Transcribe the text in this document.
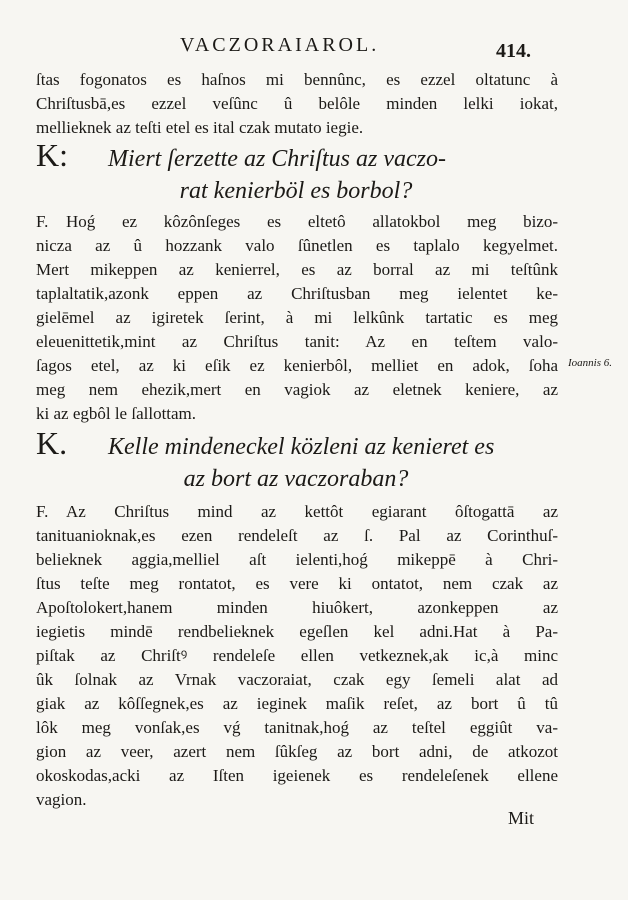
VACZORAIAROL.	414.
ſtas fogonatos es haſnos mi bennûnc, es ezzel oltatunc à
Chriſtusbā,es ezzel veſûnc û belôle minden lelki iokat,
mellieknek az teſti etel es ital czak mutato iegie.
K: Miert ſerzette az Chriſtus az vaczo-
rat kenierböl es borbol?
F. Hoǵ ez kôzônſeges es eltetô allatokbol meg bizo-
nicza az û hozzank valo ſûnetlen es taplalo kegyelmet.
Mert mikeppen az kenierrel, es az borral az mi teſtûnk
taplaltatik,azonk eppen az Chriſtusban meg ielentet ke-
gielēmel az igiretek ſerint, à mi lelkûnk tartatic es meg
eleuenittetik,mint az Chriſtus tanit: Az en teſtem valo-
ſagos etel, az ki eſik ez kenierbôl, melliet en adok, ſoha
meg nem ehezik,mert en vagiok az eletnek keniere, az
ki az egbôl le ſallottam.
Ioannis 6.
K. Kelle mindeneckel közleni az kenieret es
az bort az vaczoraban?
F. Az Chriſtus mind az kettôt egiarant ôſtogattā az
tanituanioknak,es ezen rendeleſt az ſ. Pal az Corinthuſ-
belieknek aggia,melliel aſt ielenti,hoǵ mikeppē à Chri-
ſtus teſte meg rontatot, es vere ki ontatot, nem czak az
Apoſtolokert,hanem minden hiuôkert, azonkeppen az
iegietis mindē rendbelieknek egeſlen kel adni.Hat à Pa-
piſtak az Chriſtꝰ rendeleſe ellen vetkeznek,ak ic,à minc
ûk ſolnak az Vrnak vaczoraiat, czak egy ſemeli alat ad
giak az kôſſegnek,es az ieginek maſik reſet, az bort û tû
lôk meg vonſak,es vǵ tanitnak,hoǵ az teſtel eggiût va-
gion az veer, azert nem ſûkſeg az bort adni, de atkozot
okoskodas,acki az Iſten igeienek es rendeleſenek ellene
vagion.
Mit
